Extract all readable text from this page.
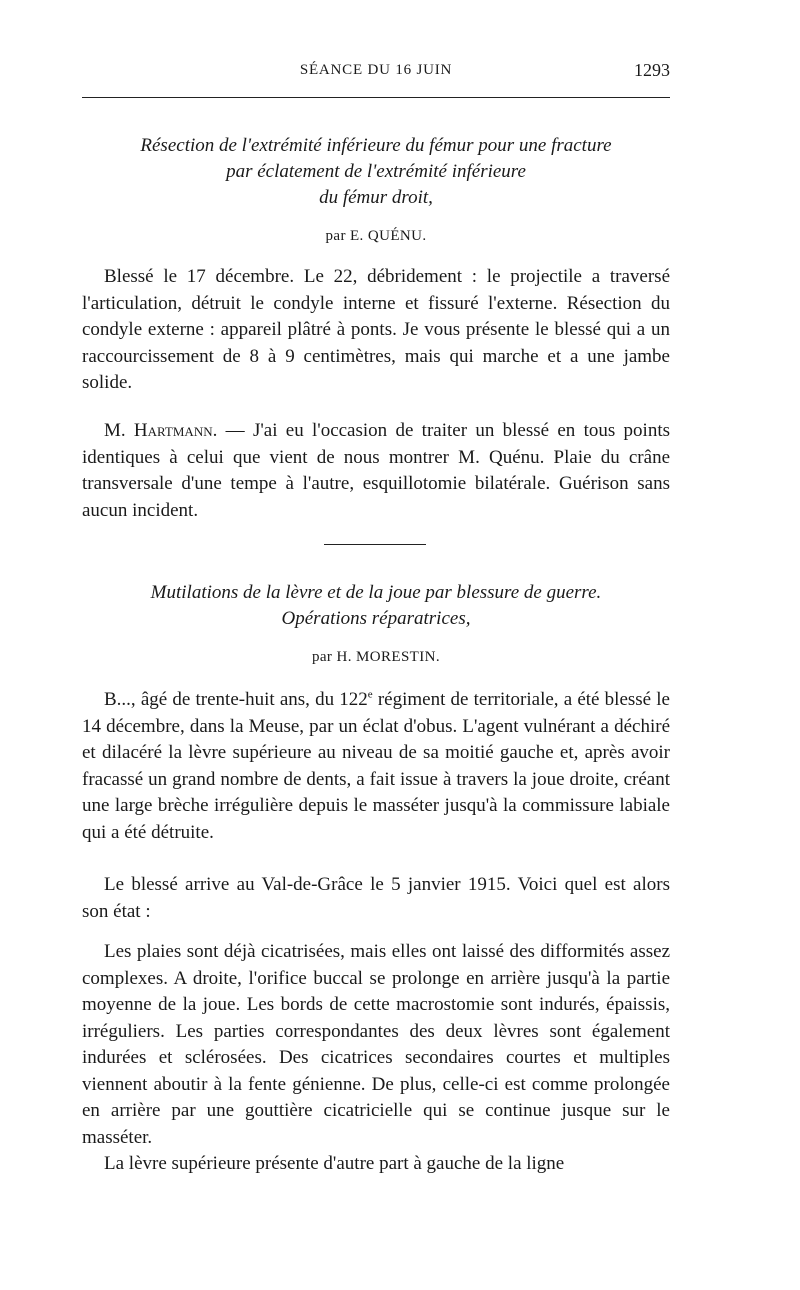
SÉANCE DU 16 JUIN	1293
Résection de l'extrémité inférieure du fémur pour une fracture
par éclatement de l'extrémité inférieure
du fémur droit,
par E. QUÉNU.

Blessé le 17 décembre. Le 22, débridement : le projectile a traversé l'articulation, détruit le condyle interne et fissuré l'externe. Résection du condyle externe : appareil plâtré à ponts. Je vous présente le blessé qui a un raccourcissement de 8 à 9 centimètres, mais qui marche et a une jambe solide.

M. Hartmann. — J'ai eu l'occasion de traiter un blessé en tous points identiques à celui que vient de nous montrer M. Quénu. Plaie du crâne transversale d'une tempe à l'autre, esquillotomie bilatérale. Guérison sans aucun incident.

Mutilations de la lèvre et de la joue par blessure de guerre.
Opérations réparatrices,
par H. MORESTIN.

B..., âgé de trente-huit ans, du 122e régiment de territoriale, a été blessé le 14 décembre, dans la Meuse, par un éclat d'obus. L'agent vulnérant a déchiré et dilacéré la lèvre supérieure au niveau de sa moitié gauche et, après avoir fracassé un grand nombre de dents, a fait issue à travers la joue droite, créant une large brèche irrégulière depuis le masséter jusqu'à la commissure labiale qui a été détruite.

Le blessé arrive au Val-de-Grâce le 5 janvier 1915. Voici quel est alors son état :

Les plaies sont déjà cicatrisées, mais elles ont laissé des difformités assez complexes. A droite, l'orifice buccal se prolonge en arrière jusqu'à la partie moyenne de la joue. Les bords de cette macrostomie sont indurés, épaissis, irréguliers. Les parties correspondantes des deux lèvres sont également indurées et sclérosées. Des cicatrices secondaires courtes et multiples viennent aboutir à la fente génienne. De plus, celle-ci est comme prolongée en arrière par une gouttière cicatricielle qui se continue jusque sur le masséter.

La lèvre supérieure présente d'autre part à gauche de la ligne
